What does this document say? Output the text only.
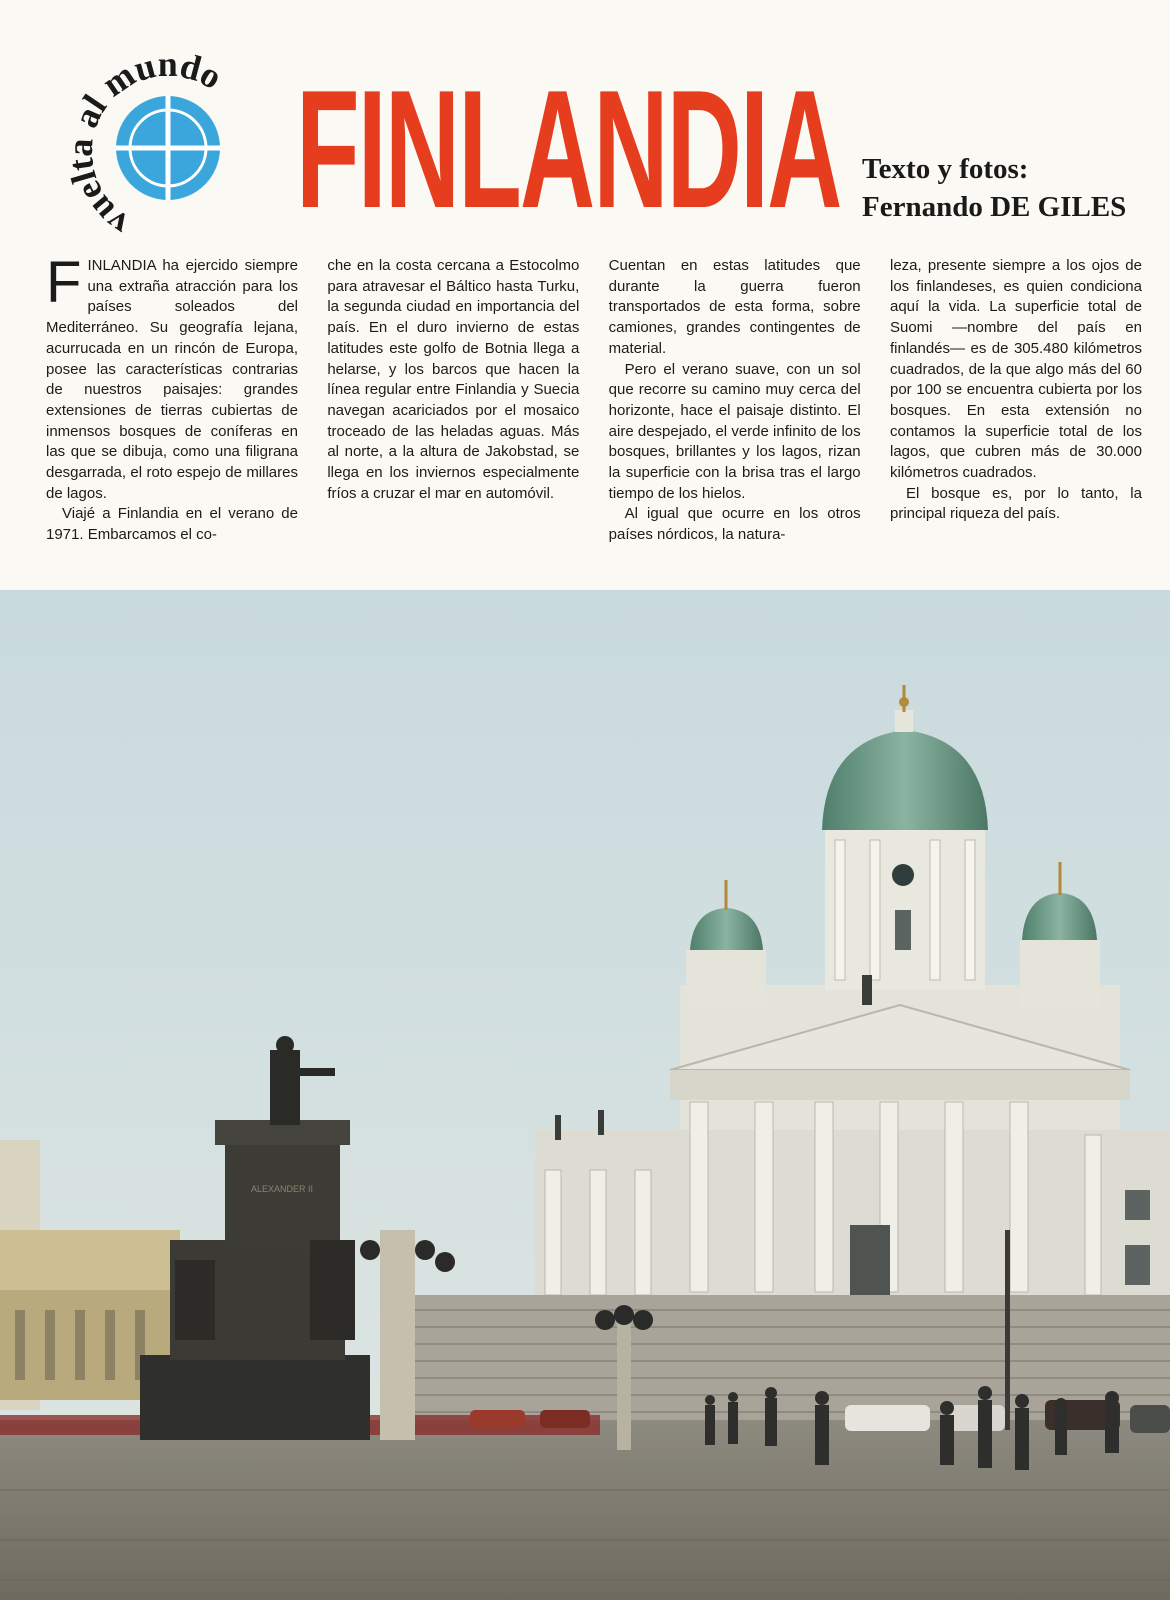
vuelta al mundo FINLANDIA Texto y fotos:
Fernando DE GILES

FINLANDIA ha ejercido siempre una extraña atracción para los países soleados del Mediterráneo. Su geografía lejana, acurrucada en un rincón de Europa, posee las características contrarias de nuestros paisajes: grandes extensiones de tierras cubiertas de inmensos bosques de coníferas en las que se dibuja, como una filigrana desgarrada, el roto espejo de millares de lagos.

Viajé a Finlandia en el verano de 1971. Embarcamos el co-

che en la costa cercana a Estocolmo para atravesar el Báltico hasta Turku, la segunda ciudad en importancia del país. En el duro invierno de estas latitudes este golfo de Botnia llega a helarse, y los barcos que hacen la línea regular entre Finlandia y Suecia navegan acariciados por el mosaico troceado de las heladas aguas. Más al norte, a la altura de Jakobstad, se llega en los inviernos especialmente fríos a cruzar el mar en automóvil.

Cuentan en estas latitudes que durante la guerra fueron transportados de esta forma, sobre camiones, grandes contingentes de material.

Pero el verano suave, con un sol que recorre su camino muy cerca del horizonte, hace el paisaje distinto. El aire despejado, el verde infinito de los bosques, brillantes y los lagos, rizan la superficie con la brisa tras el largo tiempo de los hielos.

Al igual que ocurre en los otros países nórdicos, la natura-

leza, presente siempre a los ojos de los finlandeses, es quien condiciona aquí la vida. La superficie total de Suomi —nombre del país en finlandés— es de 305.480 kilómetros cuadrados, de la que algo más del 60 por 100 se encuentra cubierta por los bosques. En esta extensión no contamos la superficie total de los lagos, que cubren más de 30.000 kilómetros cuadrados.

El bosque es, por lo tanto, la principal riqueza del país.

ALEXANDER II
